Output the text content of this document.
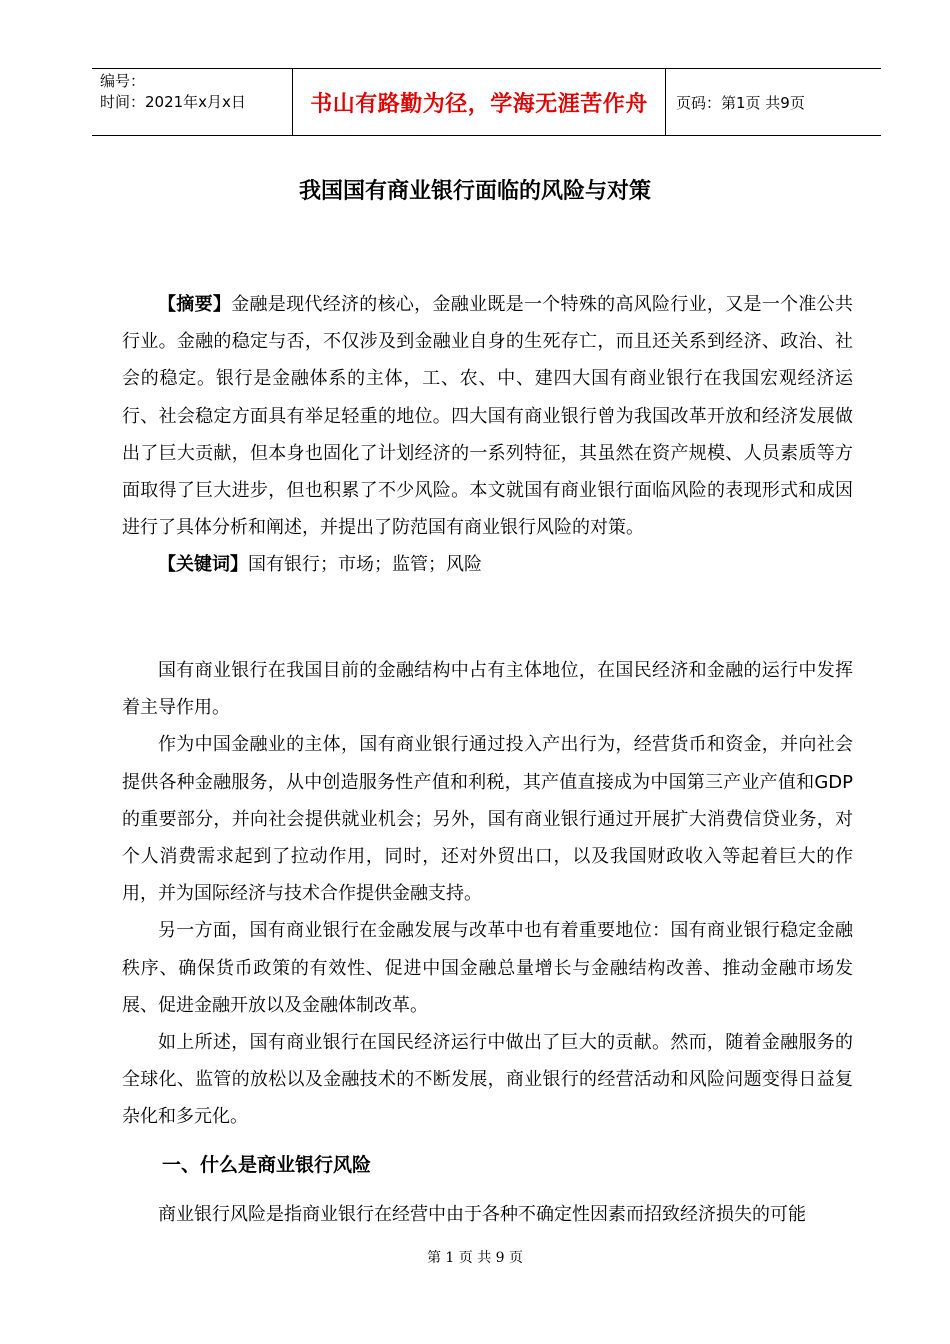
编号：
时间：2021年x月x日	书山有路勤为径，学海无涯苦作舟	页码：第1页 共9页
我国国有商业银行面临的风险与对策

【摘要】金融是现代经济的核心，金融业既是一个特殊的高风险行业，又是一个准公共行业。金融的稳定与否，不仅涉及到金融业自身的生死存亡，而且还关系到经济、政治、社会的稳定。银行是金融体系的主体，工、农、中、建四大国有商业银行在我国宏观经济运行、社会稳定方面具有举足轻重的地位。四大国有商业银行曾为我国改革开放和经济发展做出了巨大贡献，但本身也固化了计划经济的一系列特征，其虽然在资产规模、人员素质等方面取得了巨大进步，但也积累了不少风险。本文就国有商业银行面临风险的表现形式和成因进行了具体分析和阐述，并提出了防范国有商业银行风险的对策。

【关键词】国有银行；市场；监管；风险

国有商业银行在我国目前的金融结构中占有主体地位，在国民经济和金融的运行中发挥着主导作用。

作为中国金融业的主体，国有商业银行通过投入产出行为，经营货币和资金，并向社会提供各种金融服务，从中创造服务性产值和利税，其产值直接成为中国第三产业产值和GDP的重要部分，并向社会提供就业机会；另外，国有商业银行通过开展扩大消费信贷业务，对个人消费需求起到了拉动作用，同时，还对外贸出口，以及我国财政收入等起着巨大的作用，并为国际经济与技术合作提供金融支持。

另一方面，国有商业银行在金融发展与改革中也有着重要地位：国有商业银行稳定金融秩序、确保货币政策的有效性、促进中国金融总量增长与金融结构改善、推动金融市场发展、促进金融开放以及金融体制改革。

如上所述，国有商业银行在国民经济运行中做出了巨大的贡献。然而，随着金融服务的全球化、监管的放松以及金融技术的不断发展，商业银行的经营活动和风险问题变得日益复杂化和多元化。

一、什么是商业银行风险

商业银行风险是指商业银行在经营中由于各种不确定性因素而招致经济损失的可能

第 1 页 共 9 页
